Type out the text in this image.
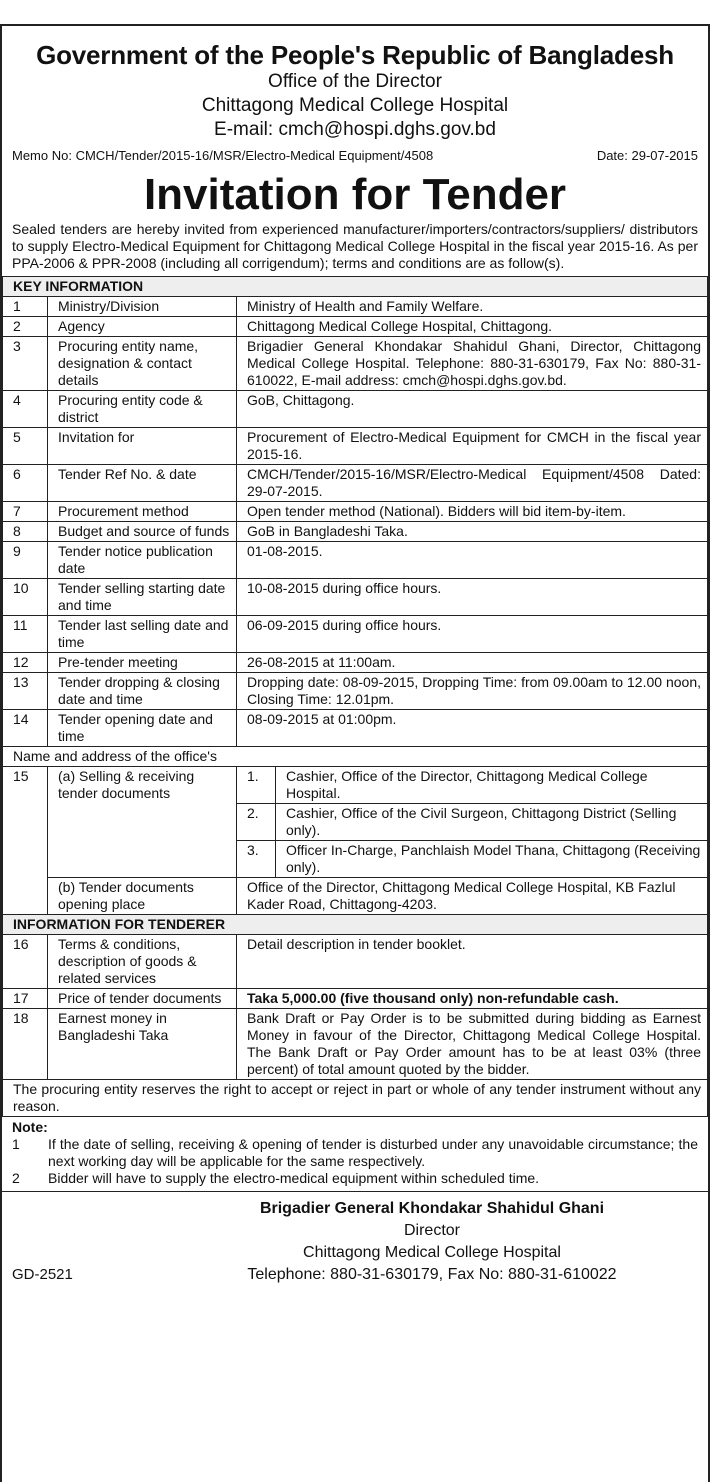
Government of the People's Republic of Bangladesh
Office of the Director
Chittagong Medical College Hospital
E-mail: cmch@hospi.dghs.gov.bd
Memo No: CMCH/Tender/2015-16/MSR/Electro-Medical Equipment/4508	Date: 29-07-2015
Invitation for Tender
Sealed tenders are hereby invited from experienced manufacturer/importers/contractors/suppliers/ distributors to supply Electro-Medical Equipment for Chittagong Medical College Hospital in the fiscal year 2015-16. As per PPA-2006 & PPR-2008 (including all corrigendum); terms and conditions are as follow(s).
KEY INFORMATION
1	Ministry/Division	Ministry of Health and Family Welfare.
2	Agency	Chittagong Medical College Hospital, Chittagong.
3	Procuring entity name, designation & contact details	Brigadier General Khondakar Shahidul Ghani, Director, Chittagong Medical College Hospital. Telephone: 880-31-630179, Fax No: 880-31-610022, E-mail address: cmch@hospi.dghs.gov.bd.
4	Procuring entity code & district	GoB, Chittagong.
5	Invitation for	Procurement of Electro-Medical Equipment for CMCH in the fiscal year 2015-16.
6	Tender Ref No. & date	CMCH/Tender/2015-16/MSR/Electro-Medical Equipment/4508 Dated: 29-07-2015.
7	Procurement method	Open tender method (National). Bidders will bid item-by-item.
8	Budget and source of funds	GoB in Bangladeshi Taka.
9	Tender notice publication date	01-08-2015.
10	Tender selling starting date and time	10-08-2015 during office hours.
11	Tender last selling date and time	06-09-2015 during office hours.
12	Pre-tender meeting	26-08-2015 at 11:00am.
13	Tender dropping & closing date and time	Dropping date: 08-09-2015, Dropping Time: from 09.00am to 12.00 noon, Closing Time: 12.01pm.
14	Tender opening date and time	08-09-2015 at 01:00pm.
Name and address of the office's
15	(a) Selling & receiving tender documents	
1.	Cashier, Office of the Director, Chittagong Medical College Hospital.
2.	Cashier, Office of the Civil Surgeon, Chittagong District (Selling only).
3.	Officer In-Charge, Panchlaish Model Thana, Chittagong (Receiving only).

	(b) Tender documents opening place	Office of the Director, Chittagong Medical College Hospital, KB Fazlul Kader Road, Chittagong-4203.
INFORMATION FOR TENDERER
16	Terms & conditions, description of goods & related services	Detail description in tender booklet.
17	Price of tender documents	Taka 5,000.00 (five thousand only) non-refundable cash.
18	Earnest money in Bangladeshi Taka	Bank Draft or Pay Order is to be submitted during bidding as Earnest Money in favour of the Director, Chittagong Medical College Hospital. The Bank Draft or Pay Order amount has to be at least 03% (three percent) of total amount quoted by the bidder.
The procuring entity reserves the right to accept or reject in part or whole of any tender instrument without any reason.
Note:
1	If the date of selling, receiving & opening of tender is disturbed under any unavoidable circumstance; the next working day will be applicable for the same respectively.
2	Bidder will have to supply the electro-medical equipment within scheduled time.
Brigadier General Khondakar Shahidul Ghani
Director
Chittagong Medical College Hospital
Telephone: 880-31-630179, Fax No: 880-31-610022
GD-2521
